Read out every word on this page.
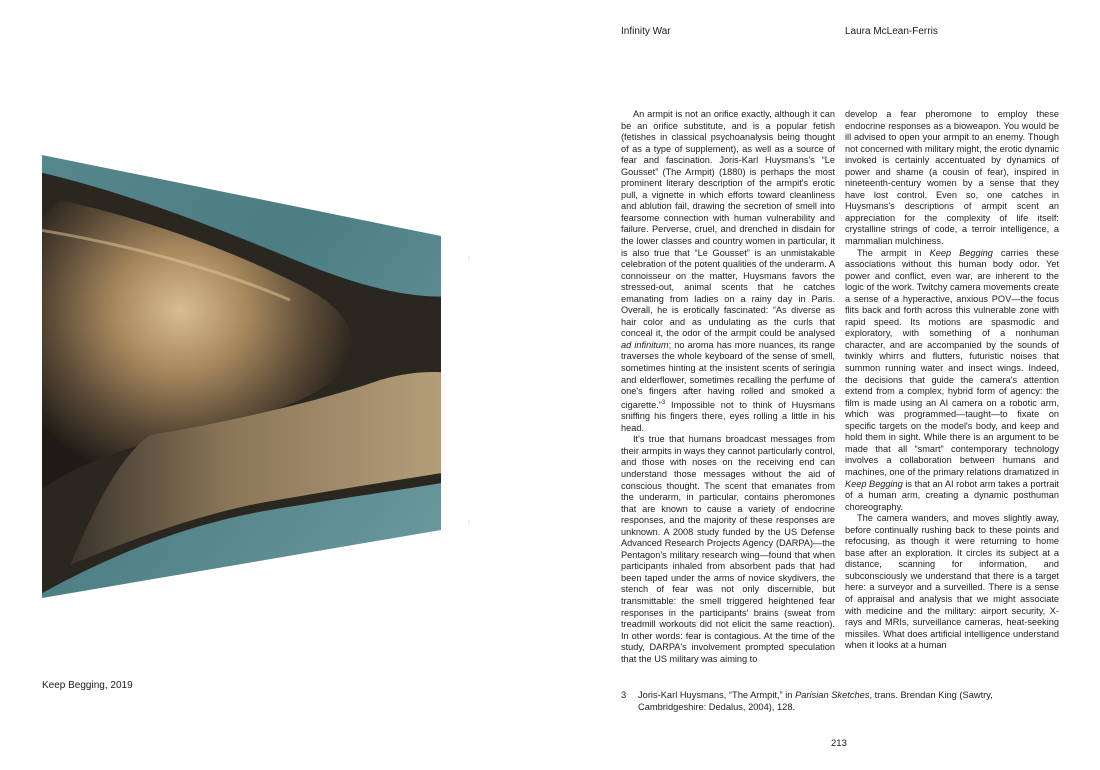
Infinity War	Laura McLean-Ferris
Keep Begging, 2019
⋮
⋮

An armpit is not an orifice exactly, although it can be an orifice substitute, and is a popular fetish (fetishes in classical psychoanalysis being thought of as a type of supplement), as well as a source of fear and fascination. Joris-Karl Huysmans's “Le Gousset” (The Armpit) (1880) is perhaps the most prominent literary description of the armpit's erotic pull, a vignette in which efforts toward cleanliness and ablution fail, drawing the secretion of smell into fearsome connection with human vulnerability and failure. Perverse, cruel, and drenched in disdain for the lower classes and country women in particular, it is also true that “Le Gousset” is an unmistakable celebration of the potent qualities of the underarm. A connoisseur on the matter, Huysmans favors the stressed-out, animal scents that he catches emanating from ladies on a rainy day in Paris. Overall, he is erotically fascinated: “As diverse as hair color and as undulating as the curls that conceal it, the odor of the armpit could be analysed ad infinitum; no aroma has more nuances, its range traverses the whole keyboard of the sense of smell, sometimes hinting at the insistent scents of seringia and elderflower, sometimes recalling the perfume of one's fingers after having rolled and smoked a cigarette.”$^3$ Impossible not to think of Huysmans sniffing his fingers there, eyes rolling a little in his head.

It's true that humans broadcast messages from their armpits in ways they cannot particularly control, and those with noses on the receiving end can understand those messages without the aid of conscious thought. The scent that emanates from the underarm, in particular, contains pheromones that are known to cause a variety of endocrine responses, and the majority of these responses are unknown. A 2008 study funded by the US Defense Advanced Research Projects Agency (DARPA)—the Pentagon's military research wing—found that when participants inhaled from absorbent pads that had been taped under the arms of novice skydivers, the stench of fear was not only discernible, but transmittable: the smell triggered heightened fear responses in the participants' brains (sweat from treadmill workouts did not elicit the same reaction). In other words: fear is contagious. At the time of the study, DARPA's involvement prompted speculation that the US military was aiming to

develop a fear pheromone to employ these endocrine responses as a bioweapon. You would be ill advised to open your armpit to an enemy. Though not concerned with military might, the erotic dynamic invoked is certainly accentuated by dynamics of power and shame (a cousin of fear), inspired in nineteenth-century women by a sense that they have lost control. Even so, one catches in Huysmans's descriptions of armpit scent an appreciation for the complexity of life itself: crystalline strings of code, a terroir intelligence, a mammalian mulchiness.

The armpit in Keep Begging carries these associations without this human body odor. Yet power and conflict, even war, are inherent to the logic of the work. Twitchy camera movements create a sense of a hyperactive, anxious POV—the focus flits back and forth across this vulnerable zone with rapid speed. Its motions are spasmodic and exploratory, with something of a nonhuman character, and are accompanied by the sounds of twinkly whirrs and flutters, futuristic noises that summon running water and insect wings. Indeed, the decisions that guide the camera's attention extend from a complex, hybrid form of agency: the film is made using an AI camera on a robotic arm, which was programmed—taught—to fixate on specific targets on the model's body, and keep and hold them in sight. While there is an argument to be made that all “smart” contemporary technology involves a collaboration between humans and machines, one of the primary relations dramatized in Keep Begging is that an AI robot arm takes a portrait of a human arm, creating a dynamic posthuman choreography.

The camera wanders, and moves slightly away, before continually rushing back to these points and refocusing, as though it were returning to home base after an exploration. It circles its subject at a distance, scanning for information, and subconsciously we understand that there is a target here: a surveyor and a surveilled. There is a sense of appraisal and analysis that we might associate with medicine and the military: airport security, X-rays and MRIs, surveillance cameras, heat-seeking missiles. What does artificial intelligence understand when it looks at a human

3 Joris-Karl Huysmans, “The Armpit,” in Parisian Sketches, trans. Brendan King (Sawtry, Cambridgeshire: Dedalus, 2004), 128.
213
